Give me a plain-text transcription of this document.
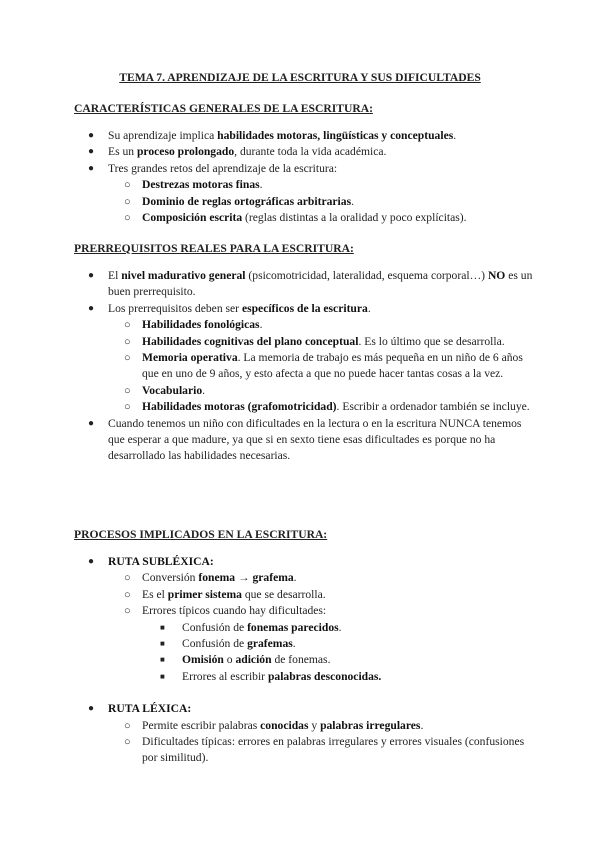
TEMA 7. APRENDIZAJE DE LA ESCRITURA Y SUS DIFICULTADES
CARACTERÍSTICAS GENERALES DE LA ESCRITURA:
● Su aprendizaje implica habilidades motoras, lingüísticas y conceptuales.
● Es un proceso prolongado, durante toda la vida académica.
● Tres grandes retos del aprendizaje de la escritura:
○ Destrezas motoras finas.
○ Dominio de reglas ortográficas arbitrarias.
○ Composición escrita (reglas distintas a la oralidad y poco explícitas).
PRERREQUISITOS REALES PARA LA ESCRITURA:
● El nivel madurativo general (psicomotricidad, lateralidad, esquema corporal…) NO es un buen prerrequisito.
● Los prerrequisitos deben ser específicos de la escritura.
○ Habilidades fonológicas.
○ Habilidades cognitivas del plano conceptual. Es lo último que se desarrolla.
○ Memoria operativa. La memoria de trabajo es más pequeña en un niño de 6 años que en uno de 9 años, y esto afecta a que no puede hacer tantas cosas a la vez.
○ Vocabulario.
○ Habilidades motoras (grafomotricidad). Escribir a ordenador también se incluye.
● Cuando tenemos un niño con dificultades en la lectura o en la escritura NUNCA tenemos que esperar a que madure, ya que si en sexto tiene esas dificultades es porque no ha desarrollado las habilidades necesarias.
PROCESOS IMPLICADOS EN LA ESCRITURA:
● RUTA SUBLÉXICA:
○ Conversión fonema → grafema.
○ Es el primer sistema que se desarrolla.
○ Errores típicos cuando hay dificultades:
■ Confusión de fonemas parecidos.
■ Confusión de grafemas.
■ Omisión o adición de fonemas.
■ Errores al escribir palabras desconocidas.
● RUTA LÉXICA:
○ Permite escribir palabras conocidas y palabras irregulares.
○ Dificultades típicas: errores en palabras irregulares y errores visuales (confusiones por similitud).
